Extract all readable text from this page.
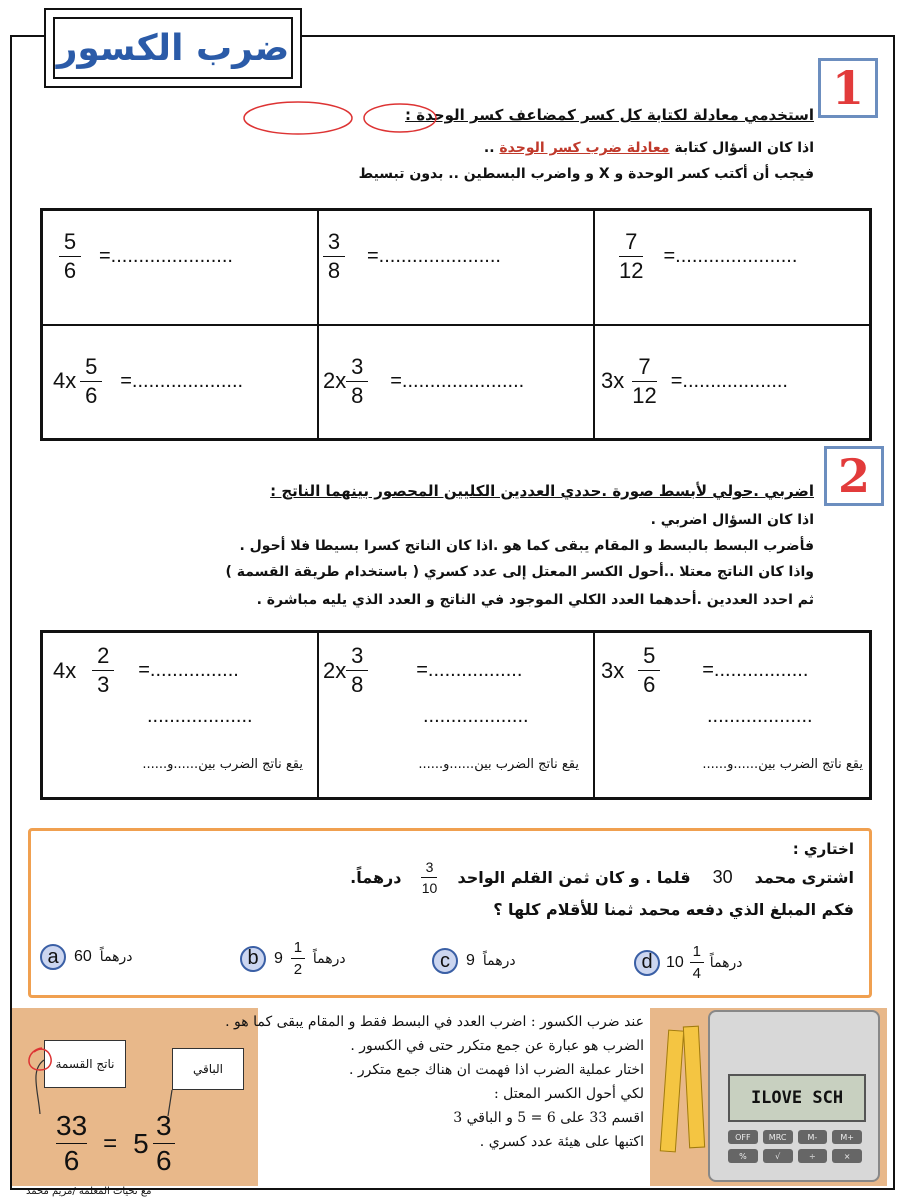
ضرب الكسور
1
استخدمي معادلة لكتابة كل كسر كمضاعف كسر الوحدة :
اذا كان السؤال كتابة معادلة ضرب كسر الوحدة ..
فيجب أن أكتب كسر الوحدة و X و واضرب البسطين .. بدون تبسيط
$\frac{5}{6}$ =......................	$\frac{3}{8}$ =......................	$\frac{7}{12}$ =......................
$4x \frac{5}{6}$ =....................	$2x \frac{3}{8}$ =......................	$3x \frac{7}{12}$ =...................
2
اضربي .حولي لأبسط صورة .حددي العددين الكليين المحصور بينهما الناتج :
اذا كان السؤال اضربي .
فأضرب البسط بالبسط و المقام يبقى كما هو .اذا كان الناتج كسرا بسيطا فلا أحول .
واذا كان الناتج معتلا ..أحول الكسر المعتل إلى عدد كسري ( باستخدام طريقة القسمة )
ثم احدد العددين .أحدهما العدد الكلي الموجود في الناتج و العدد الذي يليه مباشرة .
$4x \frac{2}{3}$ =................
...................
يقع ناتج الضرب بين......و......
$2x \frac{3}{8}$ =.................
...................
يقع ناتج الضرب بين......و......
$3x \frac{5}{6}$ =.................
...................
يقع ناتج الضرب بين......و......
اختاري :
اشترى محمد
30
قلما . و كان ثمن القلم الواحد
$\frac{3}{10}$
درهماً.
فكم المبلغ الذي دفعه محمد ثمنا للأقلام كلها ؟
a 60 درهماً	b $9 \frac{1}{2}$ درهماً	c	9 درهماً	d $10 \frac{1}{4}$ درهماً
عند ضرب الكسور : اضرب العدد في البسط فقط و المقام يبقى كما هو .
الضرب هو عبارة عن جمع متكرر حتى في الكسور .
اختار عملية الضرب اذا فهمت ان هناك جمع متكرر .
لكي أحول الكسر المعتل :
اقسم 33 على 6 = 5 و الباقي 3
اكتبها على هيئة عدد كسري .
ناتج القسمة	الباقي
$\frac{33}{6} = 5 \frac{3}{6}$
ILOVE SCH
OFF	MRC	M-	M+
%	√	÷	×
مع تحيات المعلمة /مريم محمد
